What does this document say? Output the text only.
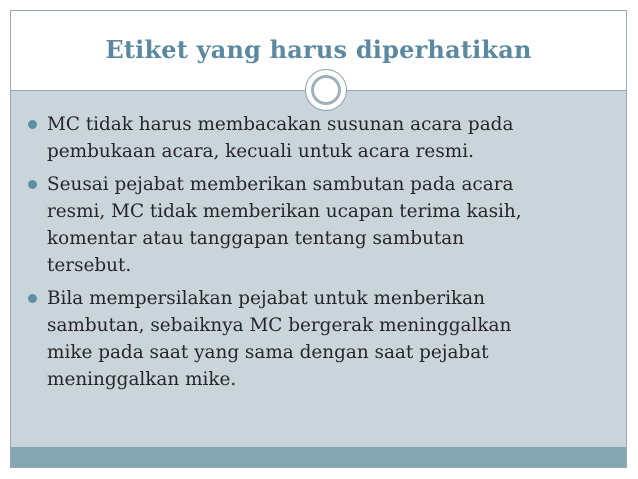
Etiket yang harus diperhatikan
MC tidak harus membacakan susunan acara pada
pembukaan acara, kecuali untuk acara resmi.
Seusai pejabat memberikan sambutan pada acara
resmi, MC tidak memberikan ucapan terima kasih,
komentar atau tanggapan tentang sambutan
tersebut.
Bila mempersilakan pejabat untuk menberikan
sambutan, sebaiknya MC bergerak meninggalkan
mike pada saat yang sama dengan saat pejabat
meninggalkan mike.
